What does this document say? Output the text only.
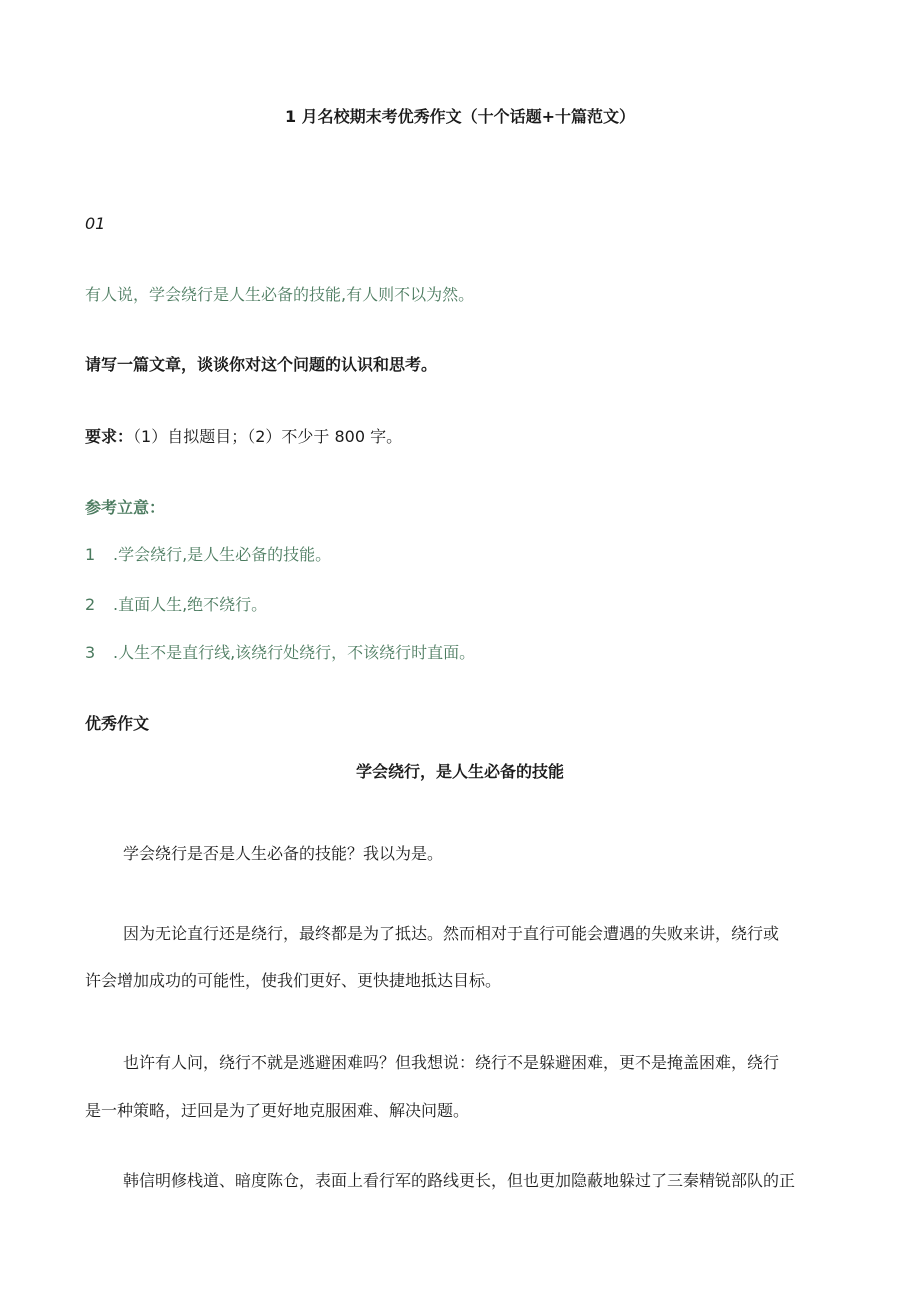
1 月名校期末考优秀作文（十个话题+十篇范文）
01
有人说，学会绕行是人生必备的技能,有人则不以为然。
请写一篇文章，谈谈你对这个问题的认识和思考。
要求：（1）自拟题目；（2）不少于 800 字。
参考立意：
1 .学会绕行,是人生必备的技能。
2 .直面人生,绝不绕行。
3 .人生不是直行线,该绕行处绕行，不该绕行时直面。
优秀作文
学会绕行，是人生必备的技能
学会绕行是否是人生必备的技能？我以为是。
因为无论直行还是绕行，最终都是为了抵达。然而相对于直行可能会遭遇的失败来讲，绕行或
许会增加成功的可能性，使我们更好、更快捷地抵达目标。
也许有人问，绕行不就是逃避困难吗？但我想说：绕行不是躲避困难，更不是掩盖困难，绕行
是一种策略，迂回是为了更好地克服困难、解决问题。
韩信明修栈道、暗度陈仓，表面上看行军的路线更长，但也更加隐蔽地躲过了三秦精锐部队的正
